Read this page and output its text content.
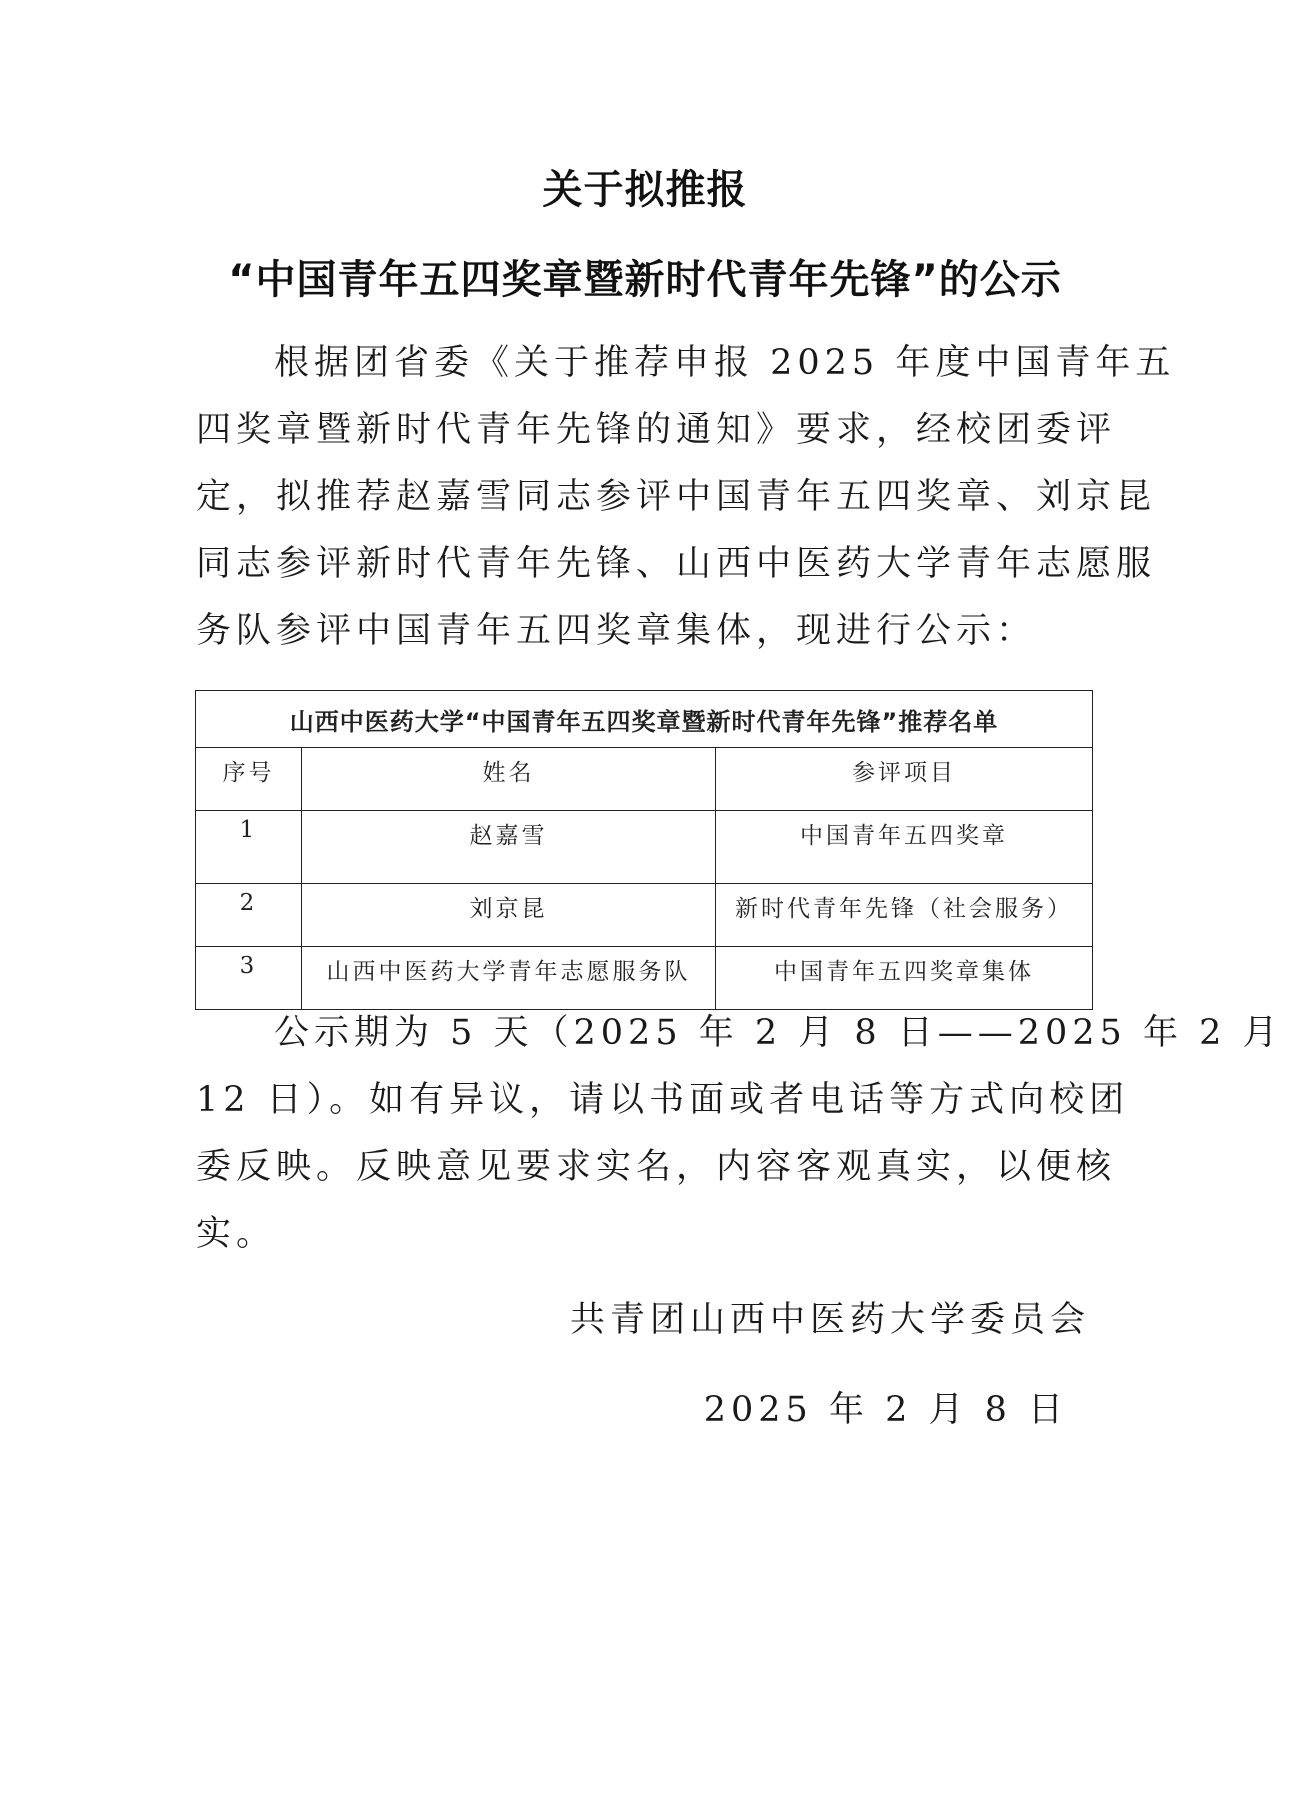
关于拟推报
“中国青年五四奖章暨新时代青年先锋”的公示

根据团省委《关于推荐申报 2025 年度中国青年五
四奖章暨新时代青年先锋的通知》要求，经校团委评
定，拟推荐赵嘉雪同志参评中国青年五四奖章、刘京昆
同志参评新时代青年先锋、山西中医药大学青年志愿服
务队参评中国青年五四奖章集体，现进行公示：

山西中医药大学“中国青年五四奖章暨新时代青年先锋”推荐名单		
序号	姓名	参评项目
1	赵嘉雪	中国青年五四奖章
2	刘京昆	新时代青年先锋（社会服务）
3	山西中医药大学青年志愿服务队	中国青年五四奖章集体

公示期为 5 天（2025 年 2 月 8 日——2025 年 2 月
12 日）。如有异议，请以书面或者电话等方式向校团
委反映。反映意见要求实名，内容客观真实，以便核
实。

共青团山西中医药大学委员会
2025 年 2 月 8 日
